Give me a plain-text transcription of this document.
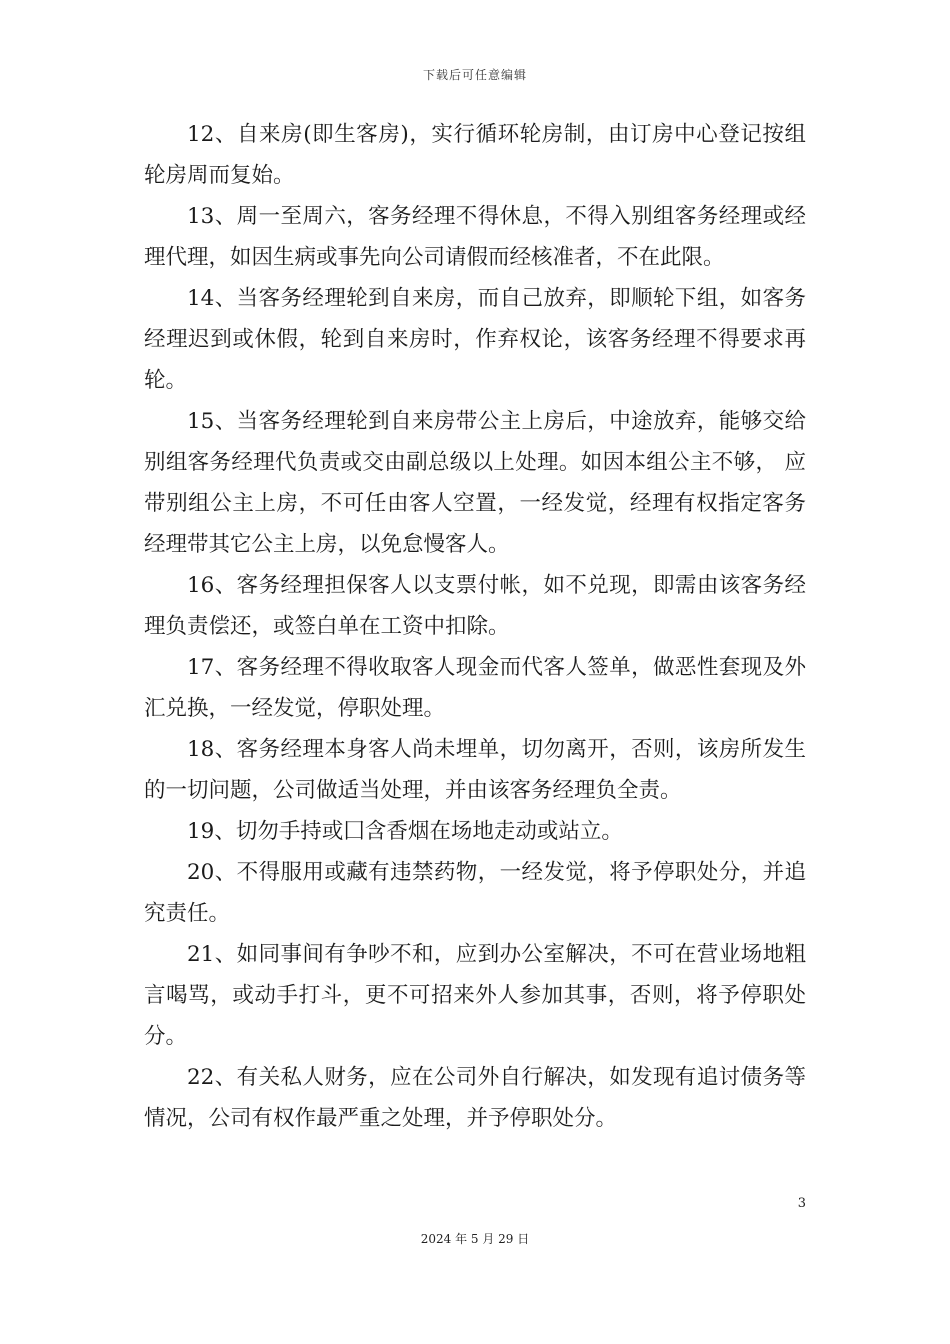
下载后可任意编辑

12、自来房(即生客房)，实行循环轮房制，由订房中心登记按组轮房周而复始。

13、周一至周六，客务经理不得休息，不得入别组客务经理或经理代理，如因生病或事先向公司请假而经核准者，不在此限。

14、当客务经理轮到自来房，而自己放弃，即顺轮下组，如客务经理迟到或休假，轮到自来房时，作弃权论，该客务经理不得要求再轮。

15、当客务经理轮到自来房带公主上房后，中途放弃，能够交给别组客务经理代负责或交由副总级以上处理。如因本组公主不够， 应带别组公主上房，不可任由客人空置，一经发觉，经理有权指定客务经理带其它公主上房，以免怠慢客人。

16、客务经理担保客人以支票付帐，如不兑现，即需由该客务经理负责偿还，或签白单在工资中扣除。

17、客务经理不得收取客人现金而代客人签单，做恶性套现及外汇兑换，一经发觉，停职处理。

18、客务经理本身客人尚未埋单，切勿离开，否则，该房所发生的一切问题，公司做适当处理，并由该客务经理负全责。

19、切勿手持或囗含香烟在场地走动或站立。

20、不得服用或藏有违禁药物，一经发觉，将予停职处分，并追究责任。

21、如同事间有争吵不和，应到办公室解决，不可在营业场地粗言喝骂，或动手打斗，更不可招来外人参加其事，否则，将予停职处分。

22、有关私人财务，应在公司外自行解决，如发现有追讨债务等情况，公司有权作最严重之处理，并予停职处分。

3
2024 年 5 月 29 日
